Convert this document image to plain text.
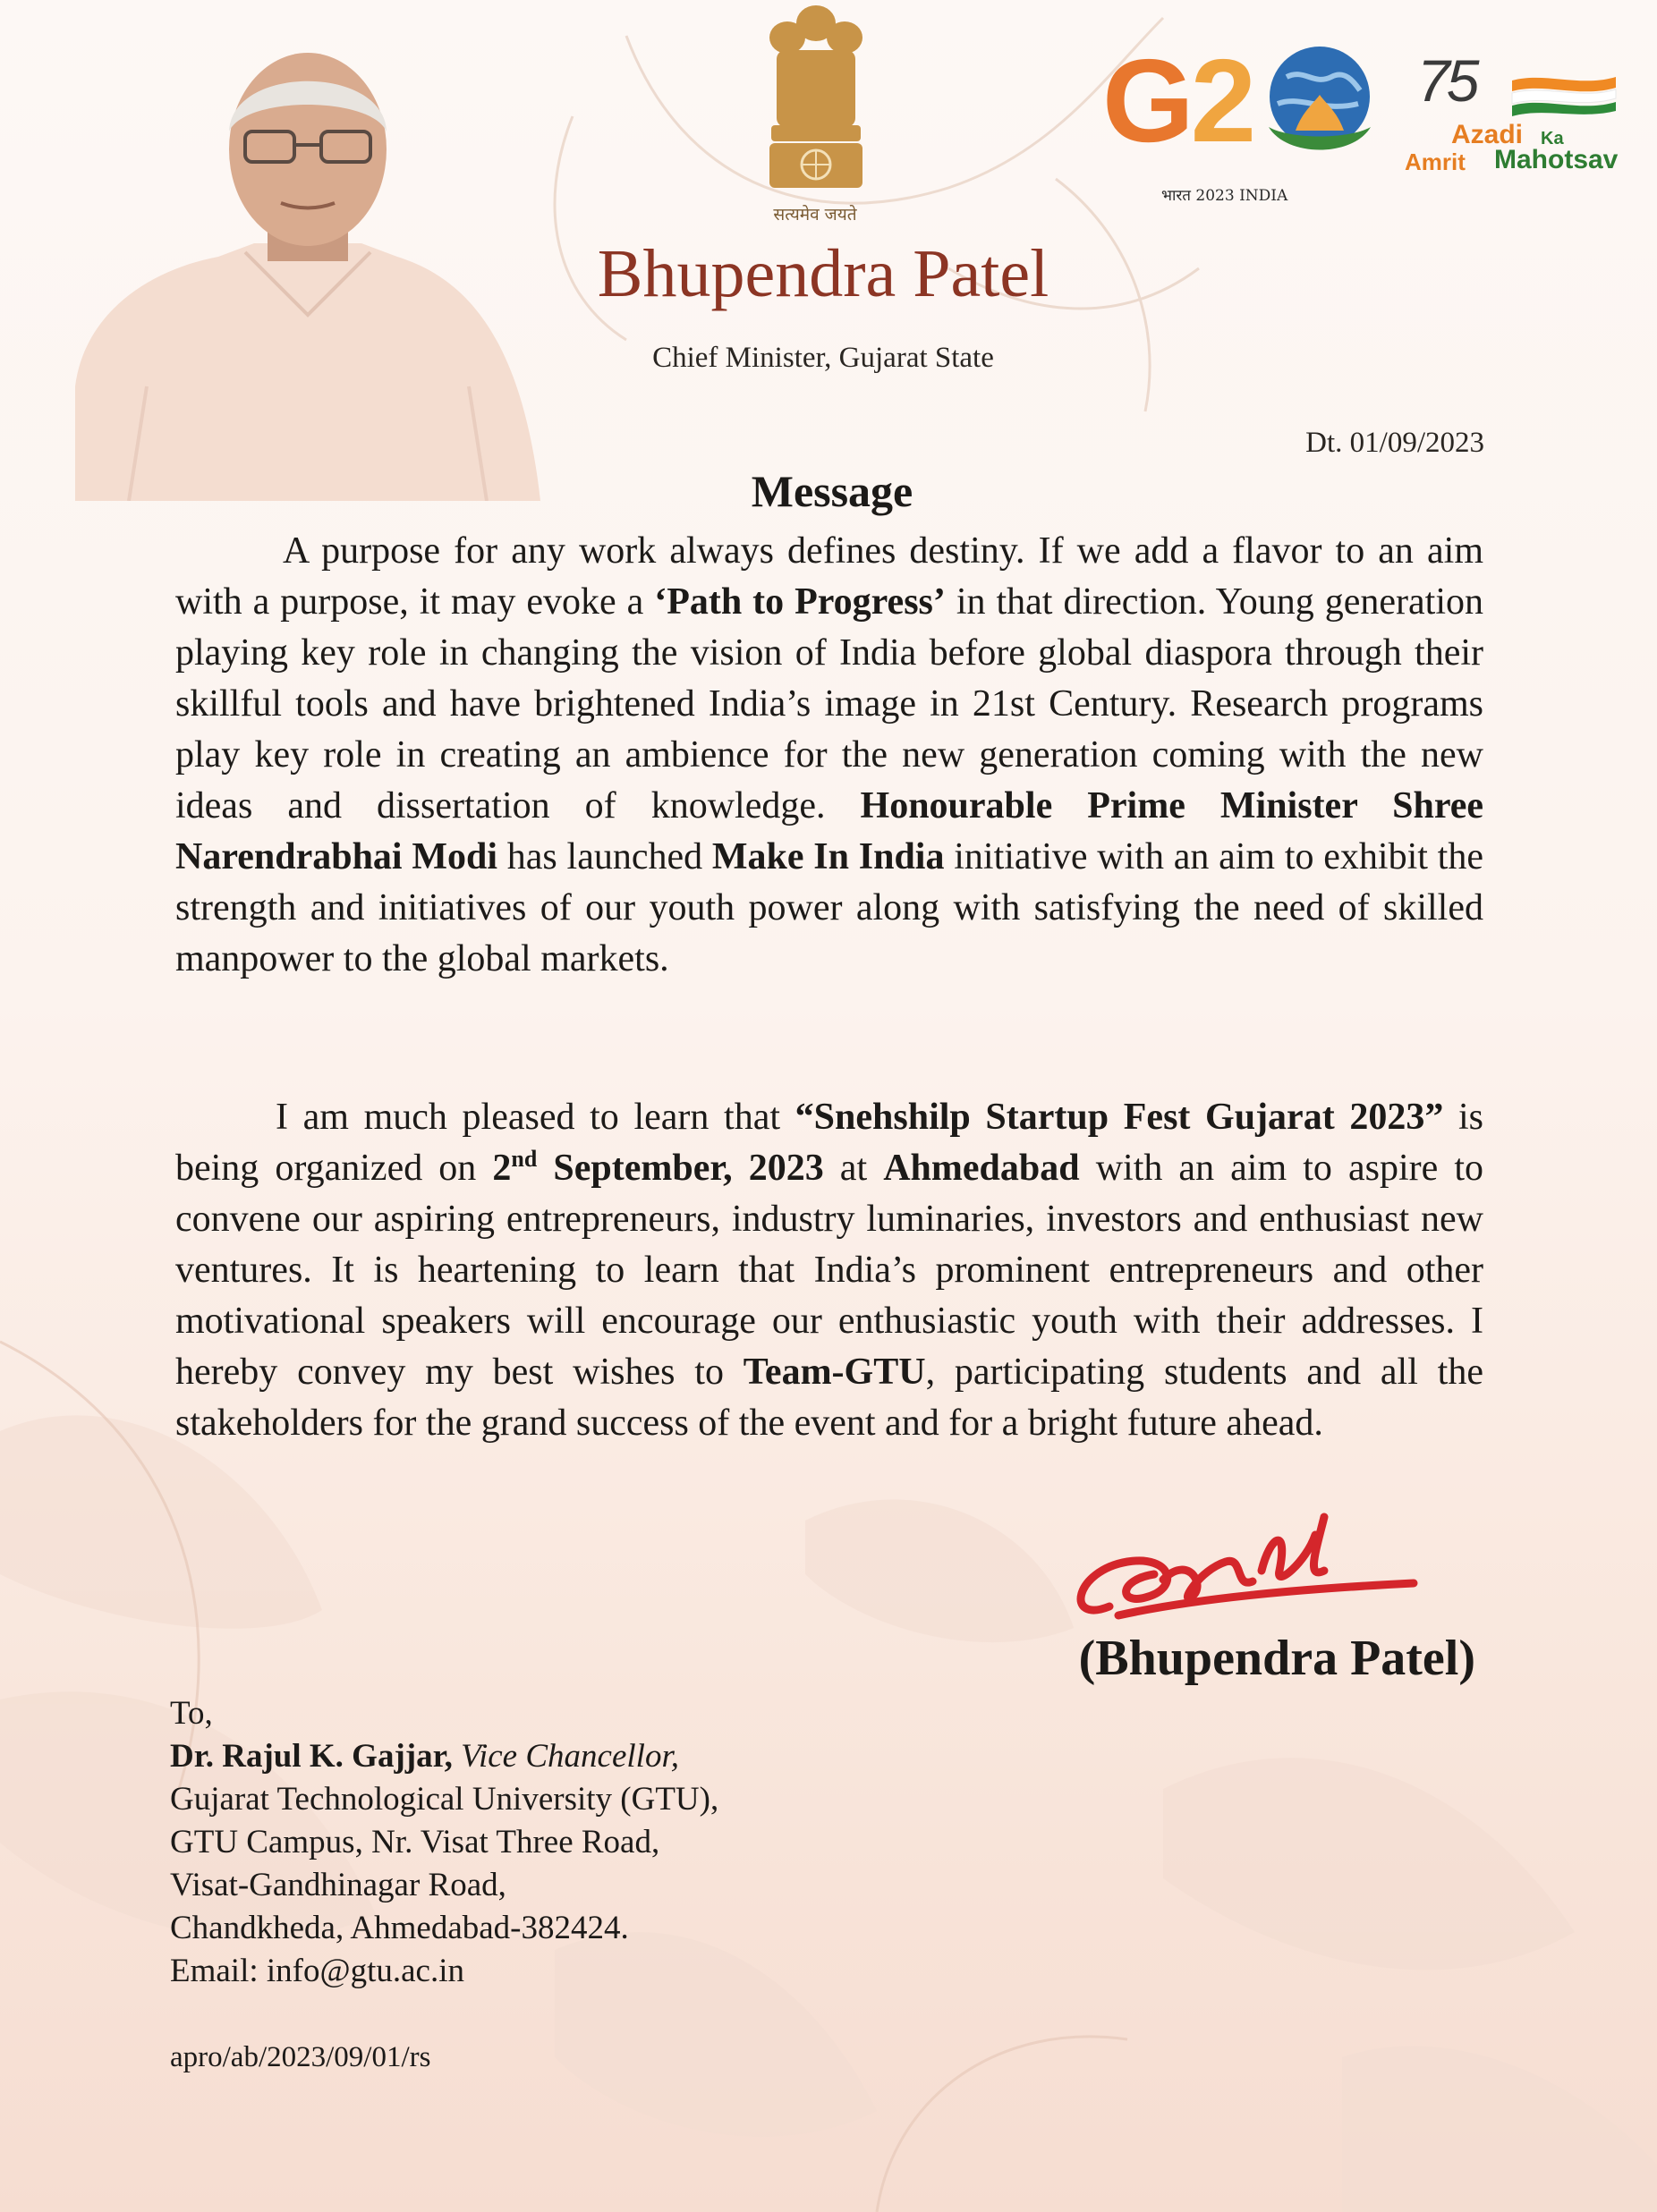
सत्यमेव जयते
G2
भारत 2023 INDIA
75
Azadi Ka
Amrit Mahotsav
Bhupendra Patel
Chief Minister, Gujarat State
Dt. 01/09/2023
Message
A purpose for any work always defines destiny. If we add a flavor to an aim with a purpose, it may evoke a ‘Path to Progress’ in that direction. Young generation playing key role in changing the vision of India before global diaspora through their skillful tools and have brightened India’s image in 21st Century. Research programs play key role in creating an ambience for the new generation coming with the new ideas and dissertation of knowledge. Honourable Prime Minister Shree Narendrabhai Modi has launched Make In India initiative with an aim to exhibit the strength and initiatives of our youth power along with satisfying the need of skilled manpower to the global markets.
I am much pleased to learn that “Snehshilp Startup Fest Gujarat 2023” is being organized on 2nd September, 2023 at Ahmedabad with an aim to aspire to convene our aspiring entrepreneurs, industry luminaries, investors and enthusiast new ventures. It is heartening to learn that India’s prominent entrepreneurs and other motivational speakers will encourage our enthusiastic youth with their addresses. I hereby convey my best wishes to Team-GTU, participating students and all the stakeholders for the grand success of the event and for a bright future ahead.
(Bhupendra Patel)
To,
Dr. Rajul K. Gajjar, Vice Chancellor,
Gujarat Technological University (GTU),
GTU Campus, Nr. Visat Three Road,
Visat-Gandhinagar Road,
Chandkheda, Ahmedabad-382424.
Email: info@gtu.ac.in
apro/ab/2023/09/01/rs
